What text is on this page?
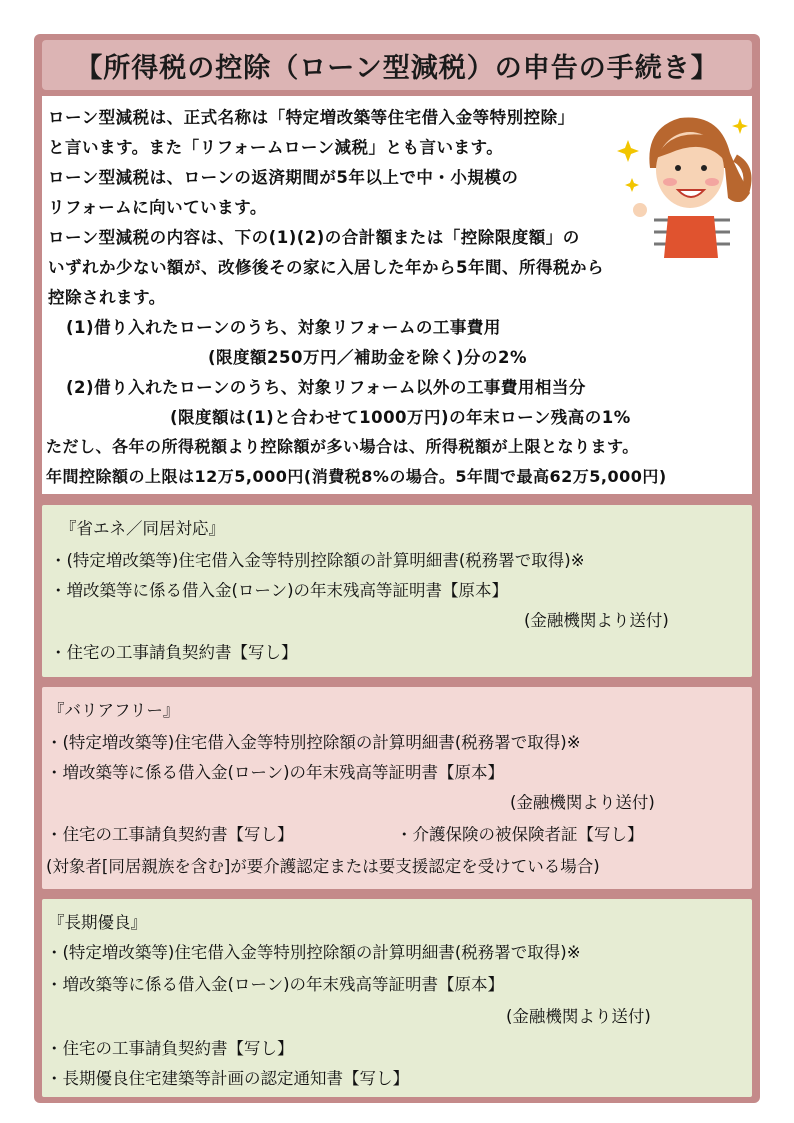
【所得税の控除（ローン型減税）の申告の手続き】
ローン型減税は、正式名称は「特定増改築等住宅借入金等特別控除」
と言います。また「リフォームローン減税」とも言います。
ローン型減税は、ローンの返済期間が5年以上で中・小規模の
リフォームに向いています。
ローン型減税の内容は、下の(1)(2)の合計額または「控除限度額」の
いずれか少ない額が、改修後その家に入居した年から5年間、所得税から
控除されます。
(1)借り入れたローンのうち、対象リフォームの工事費用
(限度額250万円／補助金を除く)分の2%
(2)借り入れたローンのうち、対象リフォーム以外の工事費用相当分
(限度額は(1)と合わせて1000万円)の年末ローン残高の1%
ただし、各年の所得税額より控除額が多い場合は、所得税額が上限となります。
年間控除額の上限は12万5,000円(消費税8%の場合。5年間で最高62万5,000円)
『省エネ／同居対応』
・(特定増改築等)住宅借入金等特別控除額の計算明細書(税務署で取得)※
・増改築等に係る借入金(ローン)の年末残高等証明書【原本】
(金融機関より送付)
・住宅の工事請負契約書【写し】
『バリアフリー』
・(特定増改築等)住宅借入金等特別控除額の計算明細書(税務署で取得)※
・増改築等に係る借入金(ローン)の年末残高等証明書【原本】
(金融機関より送付)
・住宅の工事請負契約書【写し】	・介護保険の被保険者証【写し】
(対象者[同居親族を含む]が要介護認定または要支援認定を受けている場合)
『長期優良』
・(特定増改築等)住宅借入金等特別控除額の計算明細書(税務署で取得)※
・増改築等に係る借入金(ローン)の年末残高等証明書【原本】
(金融機関より送付)
・住宅の工事請負契約書【写し】
・長期優良住宅建築等計画の認定通知書【写し】
